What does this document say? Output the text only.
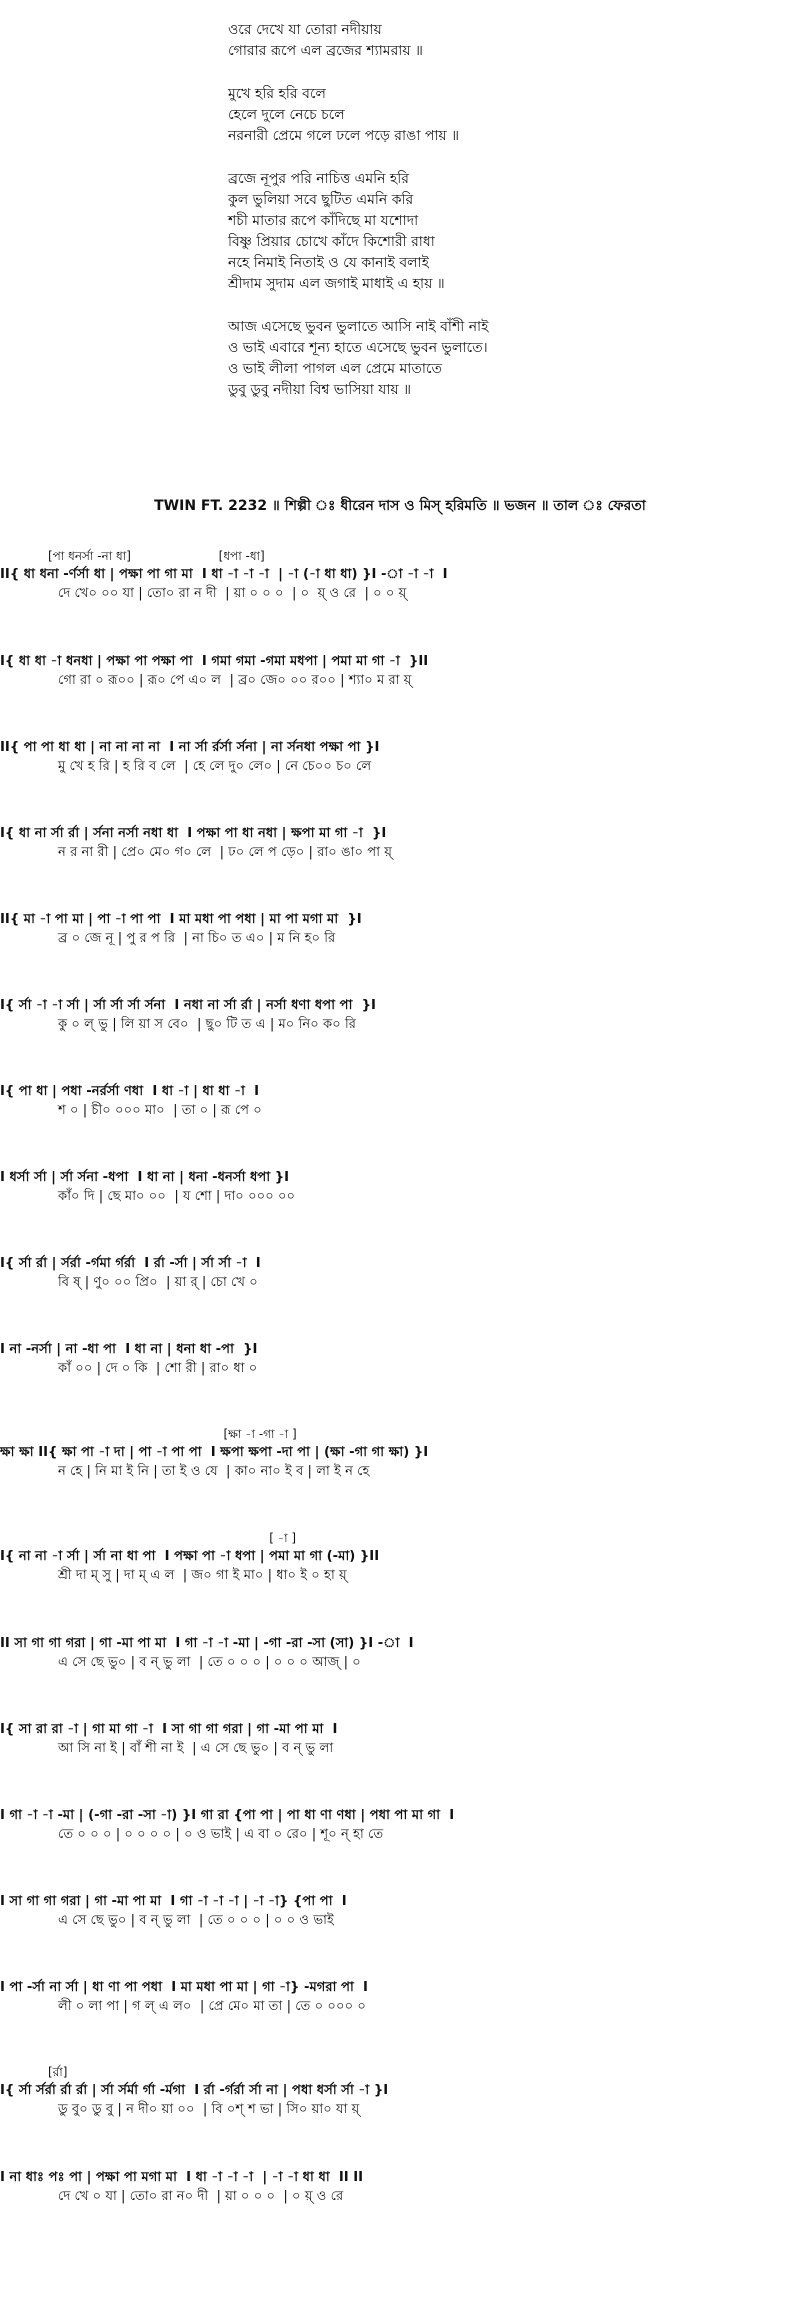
ওরে দেখে যা তোরা নদীয়ায়
গোরার রূপে এল ব্রজের শ্যামরায় ॥
মুখে হরি হরি বলে
হেলে দুলে নেচে চলে
নরনারী প্রেমে গলে ঢলে পড়ে রাঙা পায় ॥
ব্রজে নূপুর পরি নাচিত্ত এমনি হরি
কুল ভুলিয়া সবে ছুটিত এমনি করি
শচী মাতার রূপে কাঁদিছে মা যশোদা
বিষ্ণু প্রিয়ার চোখে কাঁদে কিশোরী রাধা
নহে নিমাই নিতাই ও যে কানাই বলাই
শ্রীদাম সুদাম এল জগাই মাধাই এ হায় ॥
আজ এসেছে ভুবন ভুলাতে আসি নাই বাঁশী নাই
ও ভাই এবারে শূন্য হাতে এসেছে ভুবন ভুলাতে।
ও ভাই লীলা পাগল এল প্রেমে মাতাতে
ডুবু ডুবু নদীয়া বিশ্ব ভাসিয়া যায় ॥
TWIN FT. 2232 ॥ শিল্পী ঃ ধীরেন দাস ও মিস্ হরিমতি ॥ ভজন ॥ তাল ঃ ফেরতা
[পা ধনর্সা -না ধা]                       [ধপা -ধা]
II{ ধা ধনা -র্ণর্সা ধা | পক্ষা পা গা মা  I ধা -া -া -া  | -া (-া ধা ধা) }I -া -া -া  I
দে খে০ ০০ যা | তো০ রা ন দী  | য়া ০ ০ ০  | ০  য়্ ও রে  | ০ ০ য়্
I{ ধা ধা -া ধনধা | পক্ষা পা পক্ষা পা  I গমা গমা -গমা মধপা | পমা মা গা -া  }II
গো রা ০ রূ০০ | রূ০ পে এ০ ল  | ব্র০ জে০ ০০ র০০ | শ্যা০ ম রা য়্
II{ পা পা ধা ধা | না না না না  I না র্সা র্রর্সা র্সনা | না র্সনধা পক্ষা পা }I
মু খে হ রি | হ রি ব লে  | হে লে দু০ লে০ | নে চে০০ চ০ লে
I{ ধা না র্সা র্রা | র্সনা নর্সা নধা ধা  I পক্ষা পা ধা নধা | ক্ষপা মা গা -া  }I
ন র না রী | প্রে০ মে০ গ০ লে  | ঢ০ লে প ড়ে০ | রা০ ঙা০ পা য়্
II{ মা -া পা মা | পা -া পা পা  I মা মধা পা পধা | মা পা মগা মা  }I
ব্র ০ জে নূ | পু র প রি  | না চি০ ত এ০ | ম নি হ০ রি
I{ র্সা -া -া র্সা | র্সা র্সা র্সা র্সনা  I নধা না র্সা র্রা | নর্সা ধণা ধপা পা  }I
কু ০ ল্ ভু | লি য়া স বে০  | ছু০ টি ত এ | ম০ নি০ ক০ রি
I{ পা ধা | পধা -নর্রর্সা ণধা  I ধা -া | ধা ধা -া  I
শ ০ | চী০ ০০০ মা০  | তা ০ | রূ পে ০
I ধর্সা র্সা | র্সা র্সনা -ধপা  I ধা না | ধনা -ধনর্সা ধপা }I
কাঁ০ দি | ছে মা০ ০০  | য শো | দা০ ০০০ ০০
I{ র্সা র্রা | র্সর্রা -র্গমা র্গর্রা  I র্রা -র্সা | র্সা র্সা -া  I
বি ষ্ | ণু০ ০০ প্রি০  | য়া র্ | চো খে ০
I না -নর্সা | না -ধা পা  I ধা না | ধনা ধা -পা  }I
কাঁ ০০ | দে ০ কি  | শো রী | রা০ ধা ০
[ক্ষা -া -গা -া ]
ক্ষা ক্ষা II{ ক্ষা পা -া দা | পা -া পা পা  I ক্ষপা ক্ষপা -দা পা | (ক্ষা -গা গা ক্ষা) }I
ন হে | নি মা ই নি | তা ই ও যে  | কা০ না০ ই ব | লা ই ন হে
[ -া ]
I{ না না -া র্সা | র্সা না ধা পা  I পক্ষা পা -া ধপা | পমা মা গা (-মা) }II
শ্রী দা ম্ সু | দা ম্ এ ল  | জ০ গা ই মা০ | ধা০ ই ০ হা য়্
II সা গা গা গরা | গা -মা পা মা  I গা -া -া -মা | -গা -রা -সা (সা) }I -া  I
এ সে ছে ভু০ | ব ন্ ভু লা  | তে ০ ০ ০ | ০ ০ ০ আজ্ | ০
I{ সা রা রা -া | গা মা গা -া  I সা গা গা গরা | গা -মা পা মা  I
আ সি না ই | বাঁ শী না ই  | এ সে ছে ভু০ | ব ন্ ভু লা
I গা -া -া -মা | (-গা -রা -সা -া) }I গা রা {পা পা | পা ধা ণা ণধা | পধা পা মা গা  I
তে ০ ০ ০ | ০ ০ ০ ০ | ০ ও ভাই | এ বা ০ রে০ | শূ০ ন্ হা তে
I সা গা গা গরা | গা -মা পা মা  I গা -া -া -া | -া -া} {পা পা  I
এ সে ছে ভু০ | ব ন্ ভু লা  | তে ০ ০ ০ | ০ ০ ও ভাই
I পা -র্সা না র্সা | ধা ণা পা পধা  I মা মধা পা মা | গা -া} -মগরা পা  I
লী ০ লা পা | গ ল্ এ ল০  | প্রে মে০ মা তা | তে ০ ০০০ ০
[র্রা]
I{ র্সা র্সর্রা র্রা র্রা | র্সা র্সর্মা র্গা -র্মগা  I র্রা -র্গর্রা র্সা না | পধা ধর্সা র্সা -া }I
ডু বু০ ডু বু | ন দী০ য়া ০০  | বি ০শ্ শ ভা | সি০ য়া০ যা য়্
I না ধাঃ পঃ পা | পক্ষা পা মগা মা  I ধা -া -া -া  | -া -া ধা ধা  II II
দে খে ০ যা | তো০ রা ন০ দী  | য়া ০ ০ ০  | ০ য়্ ও রে
